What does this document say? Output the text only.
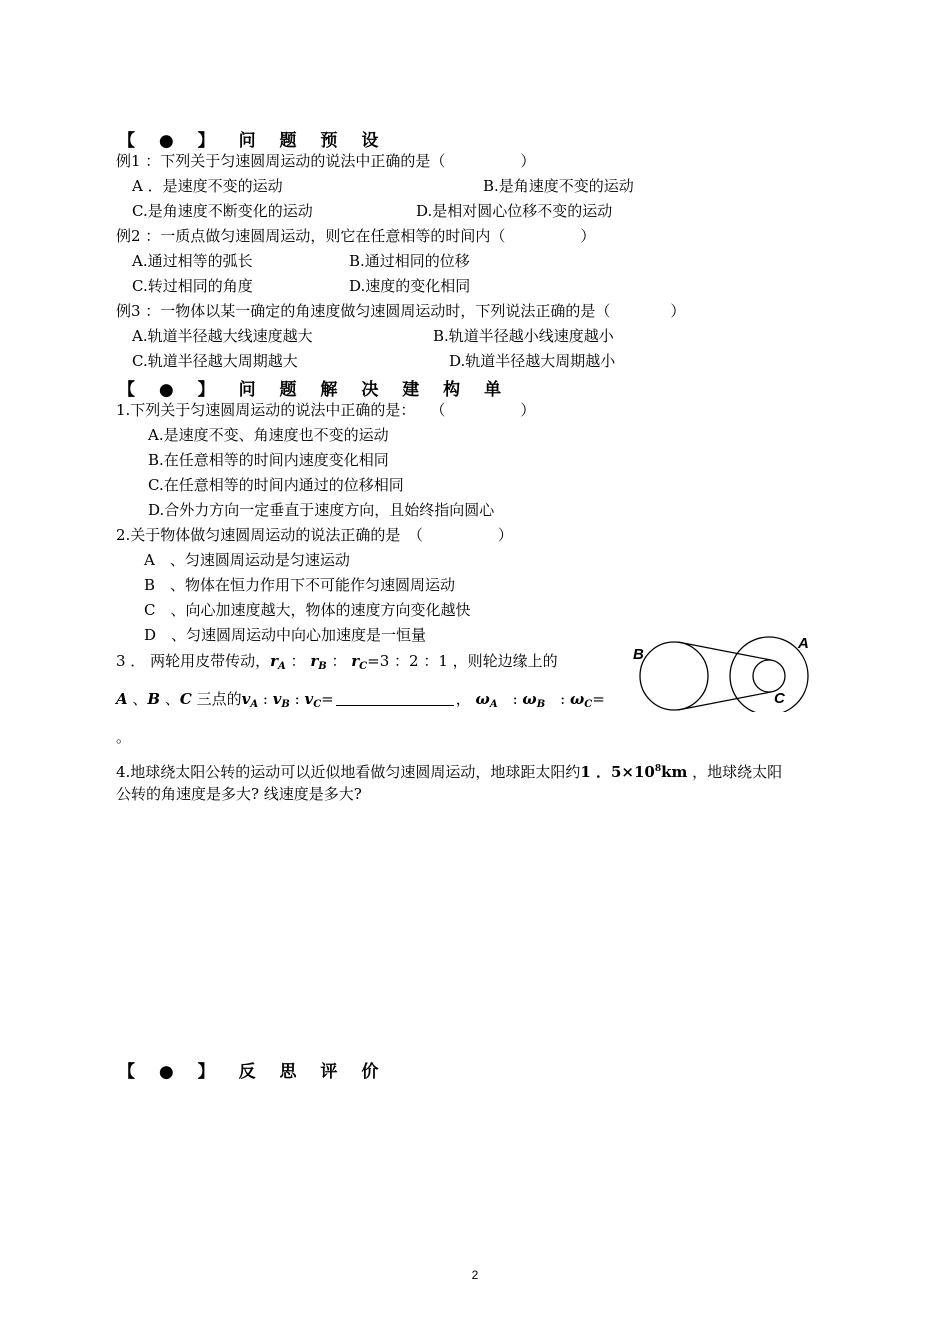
【 ● 】 问 题 预 设
例1 ：下列关于匀速圆周运动的说法中正确的是（　　　　　）
A ．是速度不变的运动	B.是角速度不变的运动
C.是角速度不断变化的运动	D.是相对圆心位移不变的运动
例2 ：一质点做匀速圆周运动，则它在任意相等的时间内（　　　　　）
A.通过相等的弧长	B.通过相同的位移
C.转过相同的角度	D.速度的变化相同
例3 ：一物体以某一确定的角速度做匀速圆周运动时，下列说法正确的是（　　　　）
A.轨道半径越大线速度越大	B.轨道半径越小线速度越小
C.轨道半径越大周期越大	D.轨道半径越大周期越小
【 ● 】 问 题 解 决 建 构 单
1.下列关于匀速圆周运动的说法中正确的是：　　（　　　　　）
A.是速度不变、角速度也不变的运动
B.在任意相等的时间内速度变化相同
C.在任意相等的时间内通过的位移相同
D.合外力方向一定垂直于速度方向，且始终指向圆心
2.关于物体做匀速圆周运动的说法正确的是　（　　　　　）
A　、匀速圆周运动是匀速运动
B　、物体在恒力作用下不可能作匀速圆周运动
C　、向心加速度越大，物体的速度方向变化越快
D　、匀速圆周运动中向心加速度是一恒量
3 ． 两轮用皮带传动，$r_A$ ： $r_B$ ： $r_C=3$ ：2 ：1 ，则轮边缘上的
A 、B 、C 三点的$v_A$ : $v_B$ : $v_C=$	， $\omega_A$　: $\omega_B$　: $\omega_C=$
。
B
A
C
4.地球绕太阳公转的运动可以近似地看做匀速圆周运动，地球距太阳约1 ．$5\times 10^8km$ ，地球绕太阳
公转的角速度是多大? 线速度是多大?
【 ● 】 反 思 评 价
2
